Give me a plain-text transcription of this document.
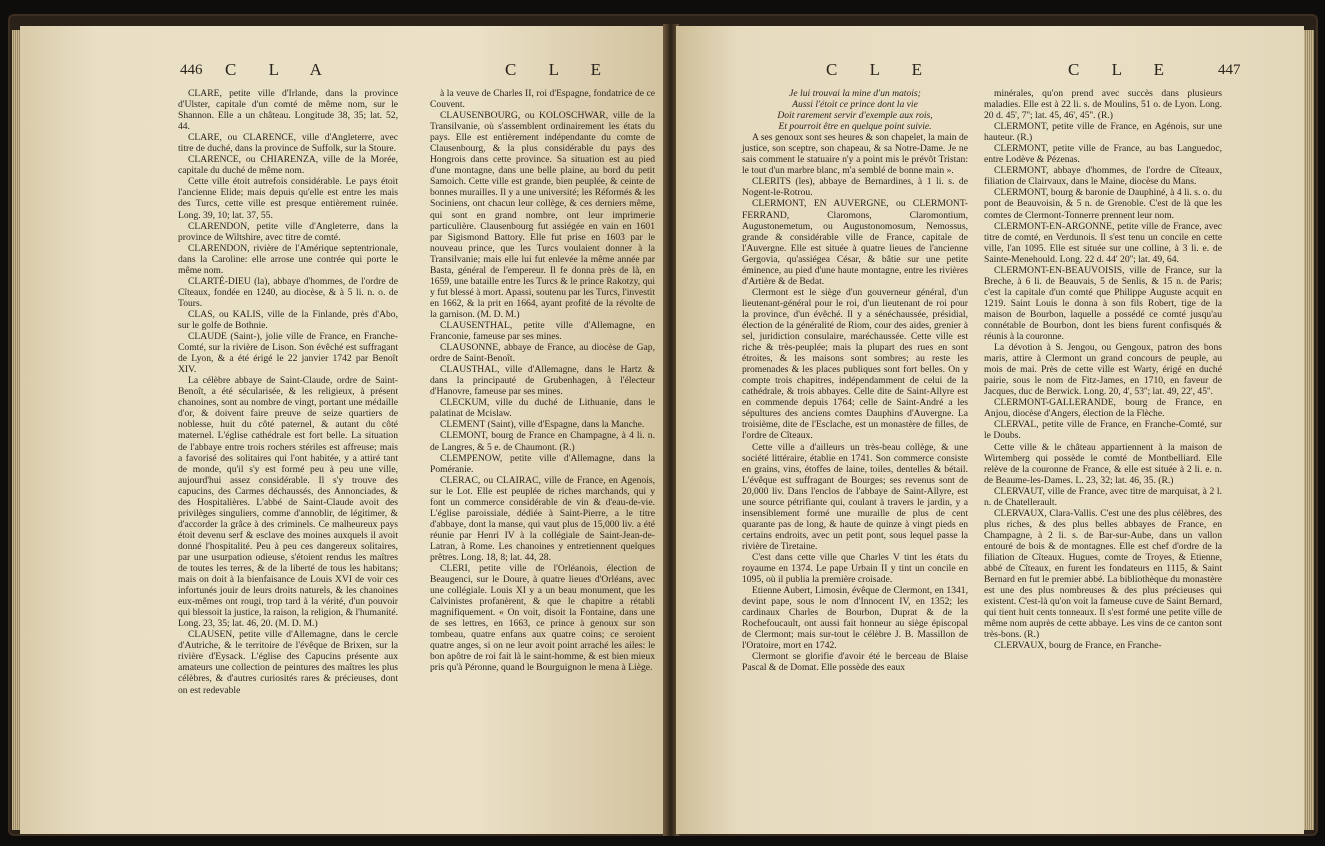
446 C L A	C L E

CLARE, petite ville d'Irlande, dans la province d'Ulster, capitale d'un comté de même nom, sur le Shannon. Elle a un château. Longitude 38, 35; lat. 52, 44.

CLARE, ou CLARENCE, ville d'Angleterre, avec titre de duché, dans la province de Suffolk, sur la Stoure.

CLARENCE, ou CHIARENZA, ville de la Morée, capitale du duché de même nom.

Cette ville étoit autrefois considérable. Le pays étoit l'ancienne Elide; mais depuis qu'elle est entre les mais des Turcs, cette ville est presque entièrement ruinée. Long. 39, 10; lat. 37, 55.

CLARENDON, petite ville d'Angleterre, dans la province de Wiltshire, avec titre de comté.

CLARENDON, rivière de l'Amérique septentrionale, dans la Caroline: elle arrose une contrée qui porte le même nom.

CLARTÉ-DIEU (la), abbaye d'hommes, de l'ordre de Cîteaux, fondée en 1240, au diocèse, & à 5 li. n. o. de Tours.

CLAS, ou KALIS, ville de la Finlande, près d'Abo, sur le golfe de Bothnie.

CLAUDE (Saint-), jolie ville de France, en Franche-Comté, sur la rivière de Lison. Son évêché est suffragant de Lyon, & a été érigé le 22 janvier 1742 par Benoît XIV.

La célèbre abbaye de Saint-Claude, ordre de Saint-Benoît, a été sécularisée, & les religieux, à présent chanoines, sont au nombre de vingt, portant une médaille d'or, & doivent faire preuve de seize quartiers de noblesse, huit du côté paternel, & autant du côté maternel. L'église cathédrale est fort belle. La situation de l'abbaye entre trois rochers stériles est affreuse; mais a favorisé des solitaires qui l'ont habitée, y a attiré tant de monde, qu'il s'y est formé peu à peu une ville, aujourd'hui assez considérable. Il s'y trouve des capucins, des Carmes déchaussés, des Annonciades, & des Hospitalières. L'abbé de Saint-Claude avoit des privilèges singuliers, comme d'annoblir, de légitimer, & d'accorder la grâce à des criminels. Ce malheureux pays étoit devenu serf & esclave des moines auxquels il avoit donné l'hospitalité. Peu à peu ces dangereux solitaires, par une usurpation odieuse, s'étoient rendus les maîtres de toutes les terres, & de la liberté de tous les habitans; mais on doit à la bienfaisance de Louis XVI de voir ces infortunés jouir de leurs droits naturels, & les chanoines eux-mêmes ont rougi, trop tard à la vérité, d'un pouvoir qui blessoit la justice, la raison, la religion, & l'humanité. Long. 23, 35; lat. 46, 20. (M. D. M.)

CLAUSEN, petite ville d'Allemagne, dans le cercle d'Autriche, & le territoire de l'évêque de Brixen, sur la rivière d'Eysack. L'église des Capucins présente aux amateurs une collection de peintures des maîtres les plus célèbres, & d'autres curiosités rares & précieuses, dont on est redevable

à la veuve de Charles II, roi d'Espagne, fondatrice de ce Couvent.

CLAUSENBOURG, ou KOLOSCHWAR, ville de la Transilvanie, où s'assemblent ordinairement les états du pays. Elle est entièrement indépendante du comte de Clausenbourg, & la plus considérable du pays des Hongrois dans cette province. Sa situation est au pied d'une montagne, dans une belle plaine, au bord du petit Samoich. Cette ville est grande, bien peuplée, & ceinte de bonnes murailles. Il y a une université; les Réformés & les Sociniens, ont chacun leur collège, & ces derniers même, qui sont en grand nombre, ont leur imprimerie particulière. Clausenbourg fut assiégée en vain en 1601 par Sigismond Battory. Elle fut prise en 1603 par le nouveau prince, que les Turcs voulaient donner à la Transilvanie; mais elle lui fut enlevée la même année par Basta, général de l'empereur. Il fe donna près de là, en 1659, une bataille entre les Turcs & le prince Rakotzy, qui y fut blessé à mort. Apassi, soutenu par les Turcs, l'investit en 1662, & la prit en 1664, ayant profité de la révolte de la garnison. (M. D. M.)

CLAUSENTHAL, petite ville d'Allemagne, en Franconie, fameuse par ses mines.

CLAUSONNE, abbaye de France, au diocèse de Gap, ordre de Saint-Benoît.

CLAUSTHAL, ville d'Allemagne, dans le Hartz & dans la principauté de Grubenhagen, à l'électeur d'Hanovre, fameuse par ses mines.

CLECKUM, ville du duché de Lithuanie, dans le palatinat de Mcislaw.

CLEMENT (Saint), ville d'Espagne, dans la Manche.

CLEMONT, bourg de France en Champagne, à 4 li. n. de Langres, & 5 e. de Chaumont. (R.)

CLEMPENOW, petite ville d'Allemagne, dans la Poméranie.

CLERAC, ou CLAIRAC, ville de France, en Agenois, sur le Lot. Elle est peuplée de riches marchands, qui y font un commerce considérable de vin & d'eau-de-vie. L'église paroissiale, dédiée à Saint-Pierre, a le titre d'abbaye, dont la manse, qui vaut plus de 15,000 liv. a été réunie par Henri IV à la collégiale de Saint-Jean-de-Latran, à Rome. Les chanoines y entretiennent quelques prêtres. Long. 18, 8; lat. 44, 28.

CLERI, petite ville de l'Orléanois, élection de Beaugenci, sur le Doure, à quatre lieues d'Orléans, avec une collégiale. Louis XI y a un beau monument, que les Calvinistes profanèrent, & que le chapitre a rétabli magnifiquement. « On voit, disoit la Fontaine, dans une de ses lettres, en 1663, ce prince à genoux sur son tombeau, quatre enfans aux quatre coins; ce seroient quatre anges, si on ne leur avoit point arraché les ailes: le bon apôtre de roi fait là le saint-homme, & est bien mieux pris qu'à Péronne, quand le Bourguignon le mena à Liège.

C L E	C L E	447

Je lui trouvai la mine d'un matois;

Aussi l'étoit ce prince dont la vie

Doit rarement servir d'exemple aux rois,

Et pourroit être en quelque point suivie.

A ses genoux sont ses heures & son chapelet, la main de justice, son sceptre, son chapeau, & sa Notre-Dame. Je ne sais comment le statuaire n'y a point mis le prévôt Tristan: le tout d'un marbre blanc, m'a semblé de bonne main ».

CLERITS (les), abbaye de Bernardines, à 1 li. s. de Nogent-le-Rotrou.

CLERMONT, EN AUVERGNE, ou CLERMONT-FERRAND, Claromons, Claromontium, Augustonemetum, ou Augustonomosum, Nemossus, grande & considérable ville de France, capitale de l'Auvergne. Elle est située à quatre lieues de l'ancienne Gergovia, qu'assiégea César, & bâtie sur une petite éminence, au pied d'une haute montagne, entre les rivières d'Artière & de Bedat.

Clermont est le siège d'un gouverneur général, d'un lieutenant-général pour le roi, d'un lieutenant de roi pour la province, d'un évêché. Il y a sénéchaussée, présidial, élection de la généralité de Riom, cour des aides, grenier à sel, juridiction consulaire, maréchaussée. Cette ville est riche & très-peuplée; mais la plupart des rues en sont étroites, & les maisons sont sombres; au reste les promenades & les places publiques sont fort belles. On y compte trois chapitres, indépendamment de celui de la cathédrale, & trois abbayes. Celle dite de Saint-Allyre est en commende depuis 1764; celle de Saint-André a les sépultures des anciens comtes Dauphins d'Auvergne. La troisième, dite de l'Esclache, est un monastère de filles, de l'ordre de Cîteaux.

Cette ville a d'ailleurs un très-beau collège, & une société littéraire, établie en 1741. Son commerce consiste en grains, vins, étoffes de laine, toiles, dentelles & bétail. L'évêque est suffragant de Bourges; ses revenus sont de 20,000 liv. Dans l'enclos de l'abbaye de Saint-Allyre, est une source pétrifiante qui, coulant à travers le jardin, y a insensiblement formé une muraille de plus de cent quarante pas de long, & haute de quinze à vingt pieds en certains endroits, avec un petit pont, sous lequel passe la rivière de Tiretaine.

C'est dans cette ville que Charles V tint les états du royaume en 1374. Le pape Urbain II y tint un concile en 1095, où il publia la première croisade.

Etienne Aubert, Limosin, évêque de Clermont, en 1341, devint pape, sous le nom d'Innocent IV, en 1352; les cardinaux Charles de Bourbon, Duprat & de la Rochefoucault, ont aussi fait honneur au siège épiscopal de Clermont; mais sur-tout le célèbre J. B. Massillon de l'Oratoire, mort en 1742.

Clermont se glorifie d'avoir été le berceau de Blaise Pascal & de Domat. Elle possède des eaux

minérales, qu'on prend avec succès dans plusieurs maladies. Elle est à 22 li. s. de Moulins, 51 o. de Lyon. Long. 20 d. 45', 7''; lat. 45, 46', 45''. (R.)

CLERMONT, petite ville de France, en Agénois, sur une hauteur. (R.)

CLERMONT, petite ville de France, au bas Languedoc, entre Lodève & Pézenas.

CLERMONT, abbaye d'hommes, de l'ordre de Cîteaux, filiation de Clairvaux, dans le Maine, diocèse du Mans.

CLERMONT, bourg & baronie de Dauphiné, à 4 li. s. o. du pont de Beauvoisin, & 5 n. de Grenoble. C'est de là que les comtes de Clermont-Tonnerre prennent leur nom.

CLERMONT-EN-ARGONNE, petite ville de France, avec titre de comté, en Verdunois. Il s'est tenu un concile en cette ville, l'an 1095. Elle est située sur une colline, à 3 li. e. de Sainte-Menehould. Long. 22 d. 44' 20''; lat. 49, 64.

CLERMONT-EN-BEAUVOISIS, ville de France, sur la Breche, à 6 li. de Beauvais, 5 de Senlis, & 15 n. de Paris; c'est la capitale d'un comté que Philippe Auguste acquit en 1219. Saint Louis le donna à son fils Robert, tige de la maison de Bourbon, laquelle a possédé ce comté jusqu'au connétable de Bourbon, dont les biens furent confisqués & réunis à la couronne.

La dévotion à S. Jengou, ou Gengoux, patron des bons maris, attire à Clermont un grand concours de peuple, au mois de mai. Près de cette ville est Warty, érigé en duché pairie, sous le nom de Fitz-James, en 1710, en faveur de Jacques, duc de Berwick. Long. 20, 4', 53''; lat. 49, 22', 45''.

CLERMONT-GALLERANDE, bourg de France, en Anjou, diocèse d'Angers, élection de la Flèche.

CLERVAL, petite ville de France, en Franche-Comté, sur le Doubs.

Cette ville & le château appartiennent à la maison de Wirtemberg qui possède le comté de Montbelliard. Elle relève de la couronne de France, & elle est située à 2 li. e. n. de Beaume-les-Dames. L. 23, 32; lat. 46, 35. (R.)

CLERVAUT, ville de France, avec titre de marquisat, à 2 l. n. de Chatellerault.

CLERVAUX, Clara-Vallis. C'est une des plus célèbres, des plus riches, & des plus belles abbayes de France, en Champagne, à 2 li. s. de Bar-sur-Aube, dans un vallon entouré de bois & de montagnes. Elle est chef d'ordre de la filiation de Cîteaux. Hugues, comte de Troyes, & Etienne, abbé de Cîteaux, en furent les fondateurs en 1115, & Saint Bernard en fut le premier abbé. La bibliothèque du monastère est une des plus nombreuses & des plus précieuses qui existent. C'est-là qu'on voit la fameuse cuve de Saint Bernard, qui tient huit cents tonneaux. Il s'est formé une petite ville de même nom auprès de cette abbaye. Les vins de ce canton sont très-bons. (R.)

CLERVAUX, bourg de France, en Franche-
